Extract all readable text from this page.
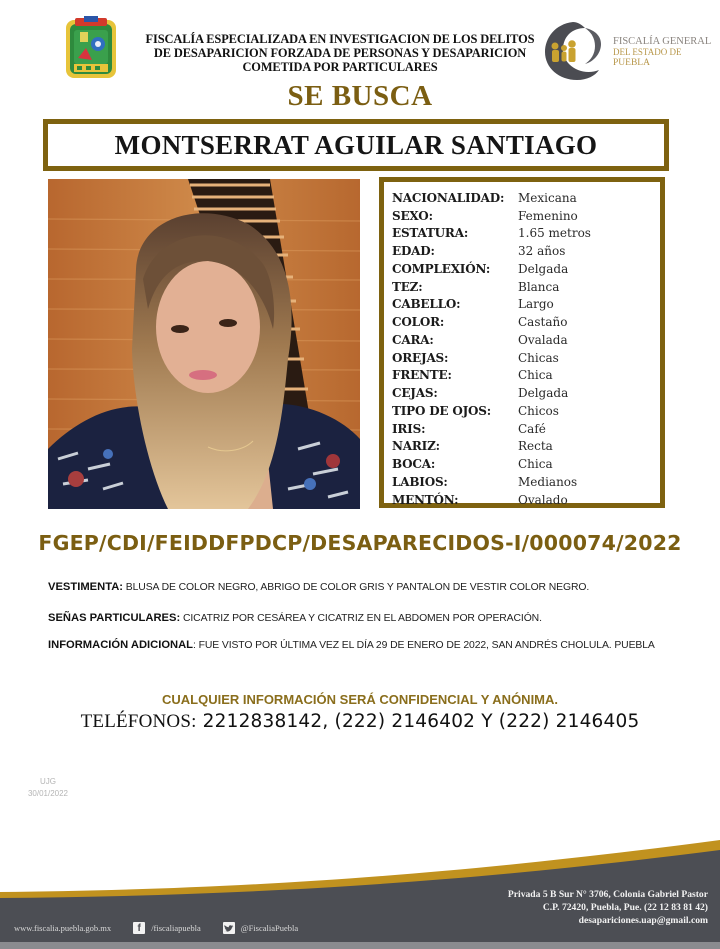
FISCALÍA ESPECIALIZADA EN INVESTIGACION DE LOS DELITOS
DE DESAPARICION FORZADA DE PERSONAS Y DESAPARICION
COMETIDA POR PARTICULARES
FISCALÍA GENERAL
DEL ESTADO DE
PUEBLA
SE BUSCA
MONTSERRAT AGUILAR SANTIAGO
NACIONALIDAD:	Mexicana
SEXO:	Femenino
ESTATURA:	1.65 metros
EDAD:	32 años
COMPLEXIÓN:	Delgada
TEZ:	Blanca
CABELLO:	Largo
COLOR:	Castaño
CARA:	Ovalada
OREJAS:	Chicas
FRENTE:	Chica
CEJAS:	Delgada
TIPO DE OJOS:	Chicos
IRIS:	Café
NARIZ:	Recta
BOCA:	Chica
LABIOS:	Medianos
MENTÓN:	Ovalado
FGEP/CDI/FEIDDFPDCP/DESAPARECIDOS-I/000074/2022
VESTIMENTA: BLUSA DE COLOR NEGRO, ABRIGO DE COLOR GRIS Y PANTALON DE VESTIR COLOR NEGRO.
SEÑAS PARTICULARES: CICATRIZ POR CESÁREA Y CICATRIZ EN EL ABDOMEN POR OPERACIÓN.
INFORMACIÓN ADICIONAL: FUE VISTO POR ÚLTIMA VEZ EL DÍA 29 DE ENERO DE 2022, SAN ANDRÉS CHOLULA. PUEBLA
CUALQUIER INFORMACIÓN SERÁ CONFIDENCIAL Y ANÓNIMA.
TELÉFONOS: 2212838142, (222) 2146402 Y (222) 2146405
UJG
30/01/2022
www.fiscalia.puebla.gob.mx	f	/fiscaliapuebla	@FiscaliaPuebla
Privada 5 B Sur N° 3706, Colonia Gabriel Pastor
C.P. 72420, Puebla, Pue. (22 12 83 81 42)
desapariciones.uap@gmail.com
